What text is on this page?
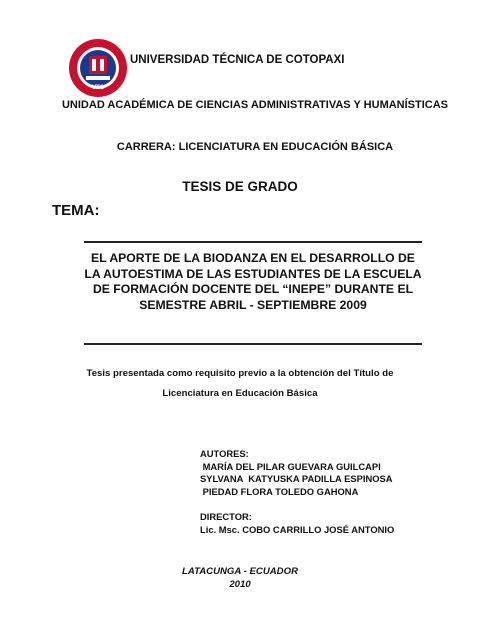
UTC
UNIVERSIDAD TÉCNICA DE COTOPAXI
UNIDAD ACADÉMICA DE CIENCIAS ADMINISTRATIVAS Y HUMANÍSTICAS
CARRERA: LICENCIATURA EN EDUCACIÓN BÁSICA
TESIS DE GRADO
TEMA:
EL APORTE DE LA BIODANZA EN EL DESARROLLO DE LA AUTOESTIMA DE LAS ESTUDIANTES DE LA ESCUELA DE FORMACIÓN DOCENTE DEL “INEPE” DURANTE EL SEMESTRE ABRIL - SEPTIEMBRE 2009
Tesis presentada como requisito previo a la obtención del Título de
Licenciatura en Educación Básica
AUTORES:
MARÍA DEL PILAR GUEVARA GUILCAPI
SYLVANA  KATYUSKA PADILLA ESPINOSA
PIEDAD FLORA TOLEDO GAHONA
DIRECTOR:
Lic. Msc. COBO CARRILLO JOSÉ ANTONIO
LATACUNGA - ECUADOR
2010
